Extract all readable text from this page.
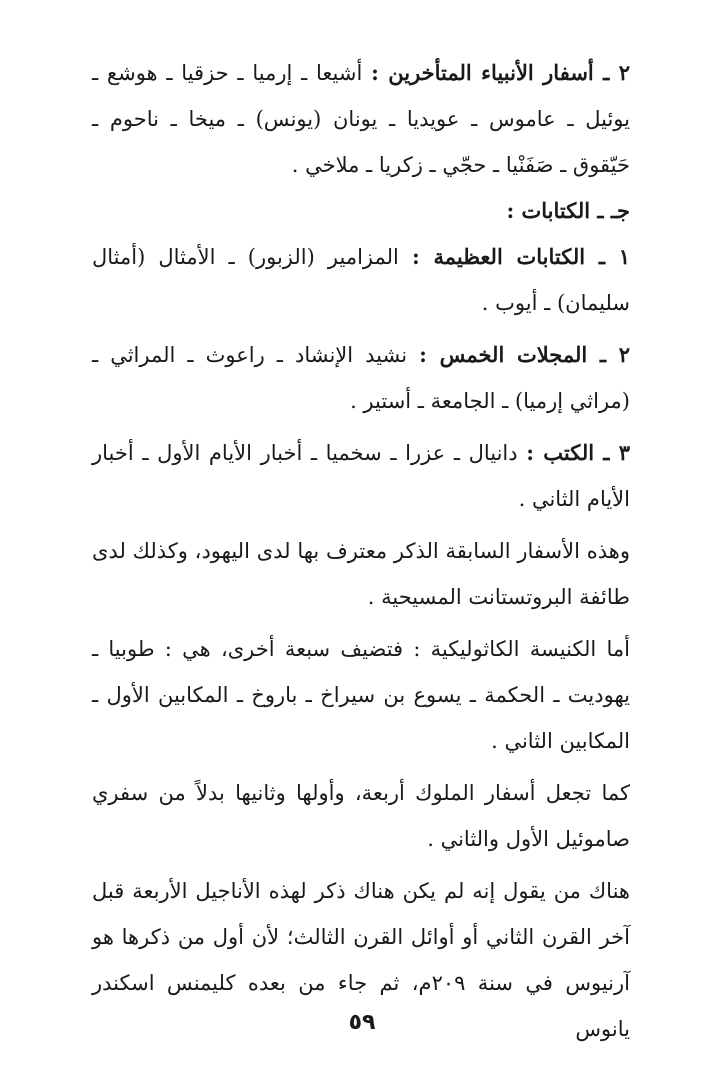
٢ ـ أسفار الأنبياء المتأخرين : أشيعا ـ إرميا ـ حزقيا ـ هوشع ـ يوئيل ـ عاموس ـ عويديا ـ يونان (يونس) ـ ميخا ـ ناحوم ـ حَيّقوق ـ صَفَنْيا ـ حجّي ـ زكريا ـ ملاخي .

جـ ـ الكتابات :

١ ـ الكتابات العظيمة : المزامير (الزبور) ـ الأمثال (أمثال سليمان) ـ أيوب .

٢ ـ المجلات الخمس : نشيد الإنشاد ـ راعوث ـ المراثي ـ (مراثي إرميا) ـ الجامعة ـ أستير .

٣ ـ الكتب : دانيال ـ عزرا ـ سخميا ـ أخبار الأيام الأول ـ أخبار الأيام الثاني .

وهذه الأسفار السابقة الذكر معترف بها لدى اليهود، وكذلك لدى طائفة البروتستانت المسيحية .

أما الكنيسة الكاثوليكية : فتضيف سبعة أخرى، هي : طوبيا ـ يهوديت ـ الحكمة ـ يسوع بن سيراخ ـ باروخ ـ المكابين الأول ـ المكابين الثاني .

كما تجعل أسفار الملوك أربعة، وأولها وثانيها بدلاً من سفري صاموئيل الأول والثاني .

هناك من يقول إنه لم يكن هناك ذكر لهذه الأناجيل الأربعة قبل آخر القرن الثاني أو أوائل القرن الثالث؛ لأن أول من ذكرها هو آرنيوس في سنة ٢٠٩م، ثم جاء من بعده كليمنس اسكندر يانوس

٥٩
